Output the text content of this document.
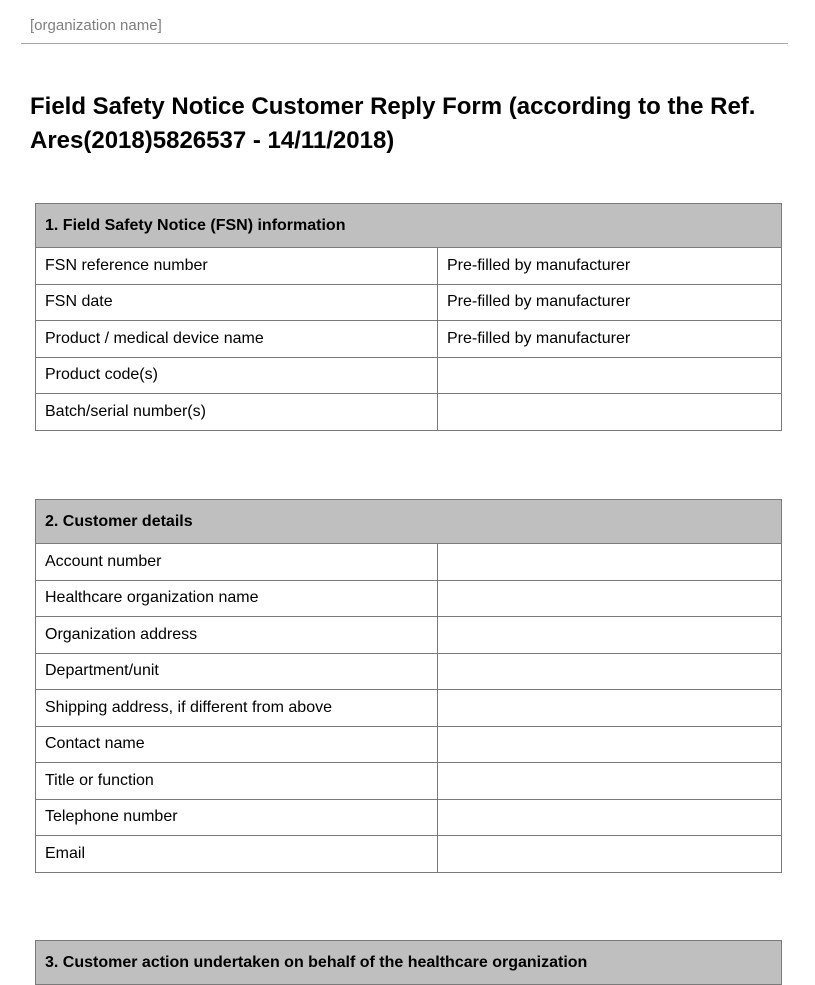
[organization name]
Field Safety Notice Customer Reply Form (according to the Ref. Ares(2018)5826537 - 14/11/2018)
1. Field Safety Notice (FSN) information	
FSN reference number	Pre-filled by manufacturer
FSN date	Pre-filled by manufacturer
Product / medical device name	Pre-filled by manufacturer
Product code(s)	
Batch/serial number(s)	
2. Customer details	
Account number	
Healthcare organization name	
Organization address	
Department/unit	
Shipping address, if different from above	
Contact name	
Title or function	
Telephone number	
Email	
3. Customer action undertaken on behalf of the healthcare organization
